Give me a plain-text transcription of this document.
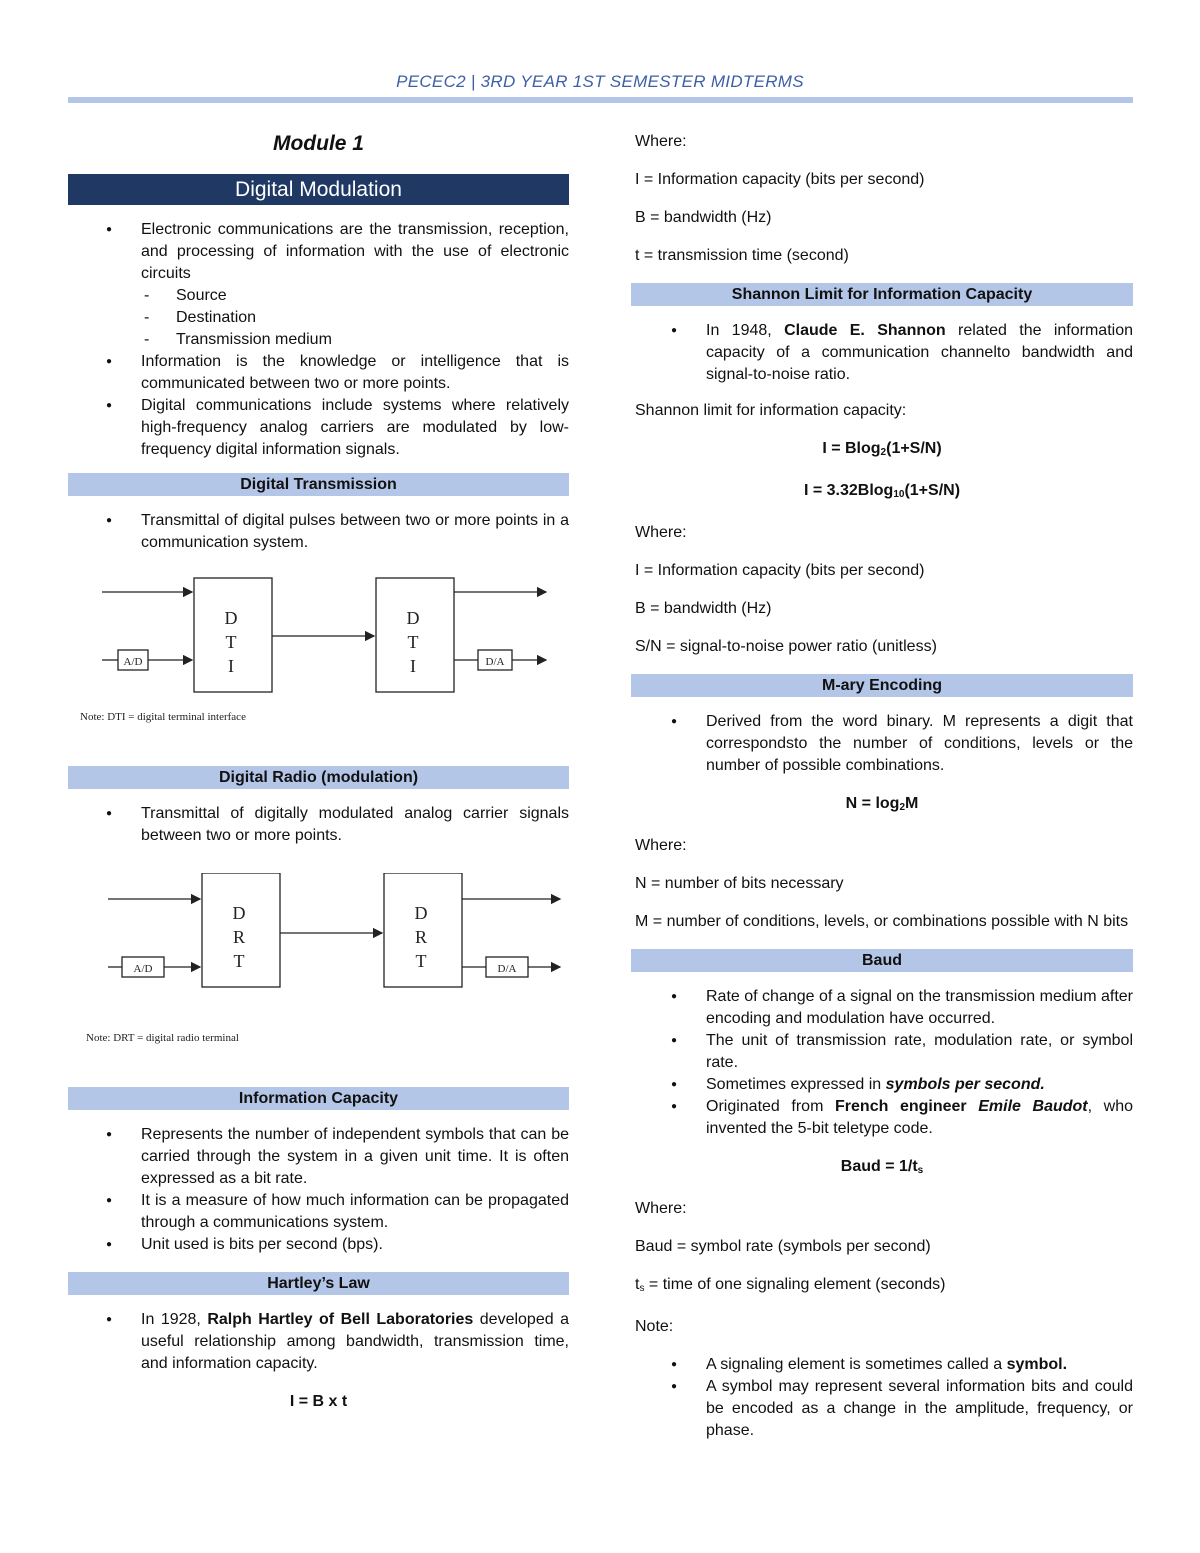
PECEC2 | 3RD YEAR 1ST SEMESTER MIDTERMS
Module 1
Digital Modulation
● Electronic communications are the transmission, reception, and processing of information with the use of electronic circuits
- Source
- Destination
- Transmission medium
● Information is the knowledge or intelligence that is communicated between two or more points.
● Digital communications include systems where relatively high-frequency analog carriers are modulated by low-frequency digital information signals.
Digital Transmission
● Transmittal of digital pulses between two or more points in a communication system.
D
T
I
D
T
I
A/D	D/A
Note: DTI = digital terminal interface
Digital Radio (modulation)
● Transmittal of digitally modulated analog carrier signals between two or more points.
D
R
T
D
R
T
A/D	D/A
Note: DRT = digital radio terminal
Information Capacity
● Represents the number of independent symbols that can be carried through the system in a given unit time. It is often expressed as a bit rate.
● It is a measure of how much information can be propagated through a communications system.
● Unit used is bits per second (bps).
Hartley’s Law
● In 1928, Ralph Hartley of Bell Laboratories developed a useful relationship among bandwidth, transmission time, and information capacity.
I = B x t

Where:

I = Information capacity (bits per second)

B = bandwidth (Hz)

t = transmission time (second)

Shannon Limit for Information Capacity
● In 1948, Claude E. Shannon related the information capacity of a communication channelto bandwidth and signal-to-noise ratio.

Shannon limit for information capacity:

I = Blog$_2$(1+S/N)
I = 3.32Blog$_{10}$(1+S/N)

Where:

I = Information capacity (bits per second)

B = bandwidth (Hz)

S/N = signal-to-noise power ratio (unitless)

M-ary Encoding
● Derived from the word binary. M represents a digit that correspondsto the number of conditions, levels or the number of possible combinations.
$N = \log_2M$

Where:

N = number of bits necessary

M = number of conditions, levels, or combinations possible with N bits

Baud
● Rate of change of a signal on the transmission medium after encoding and modulation have occurred.
● The unit of transmission rate, modulation rate, or symbol rate.
● Sometimes expressed in symbols per second.
● Originated from French engineer Emile Baudot, who invented the 5-bit teletype code.
Baud = $1/t_s$

Where:

Baud = symbol rate (symbols per second)

$t_s$ = time of one signaling element (seconds)

Note:

● A signaling element is sometimes called a symbol.
● A symbol may represent several information bits and could be encoded as a change in the amplitude, frequency, or phase.
